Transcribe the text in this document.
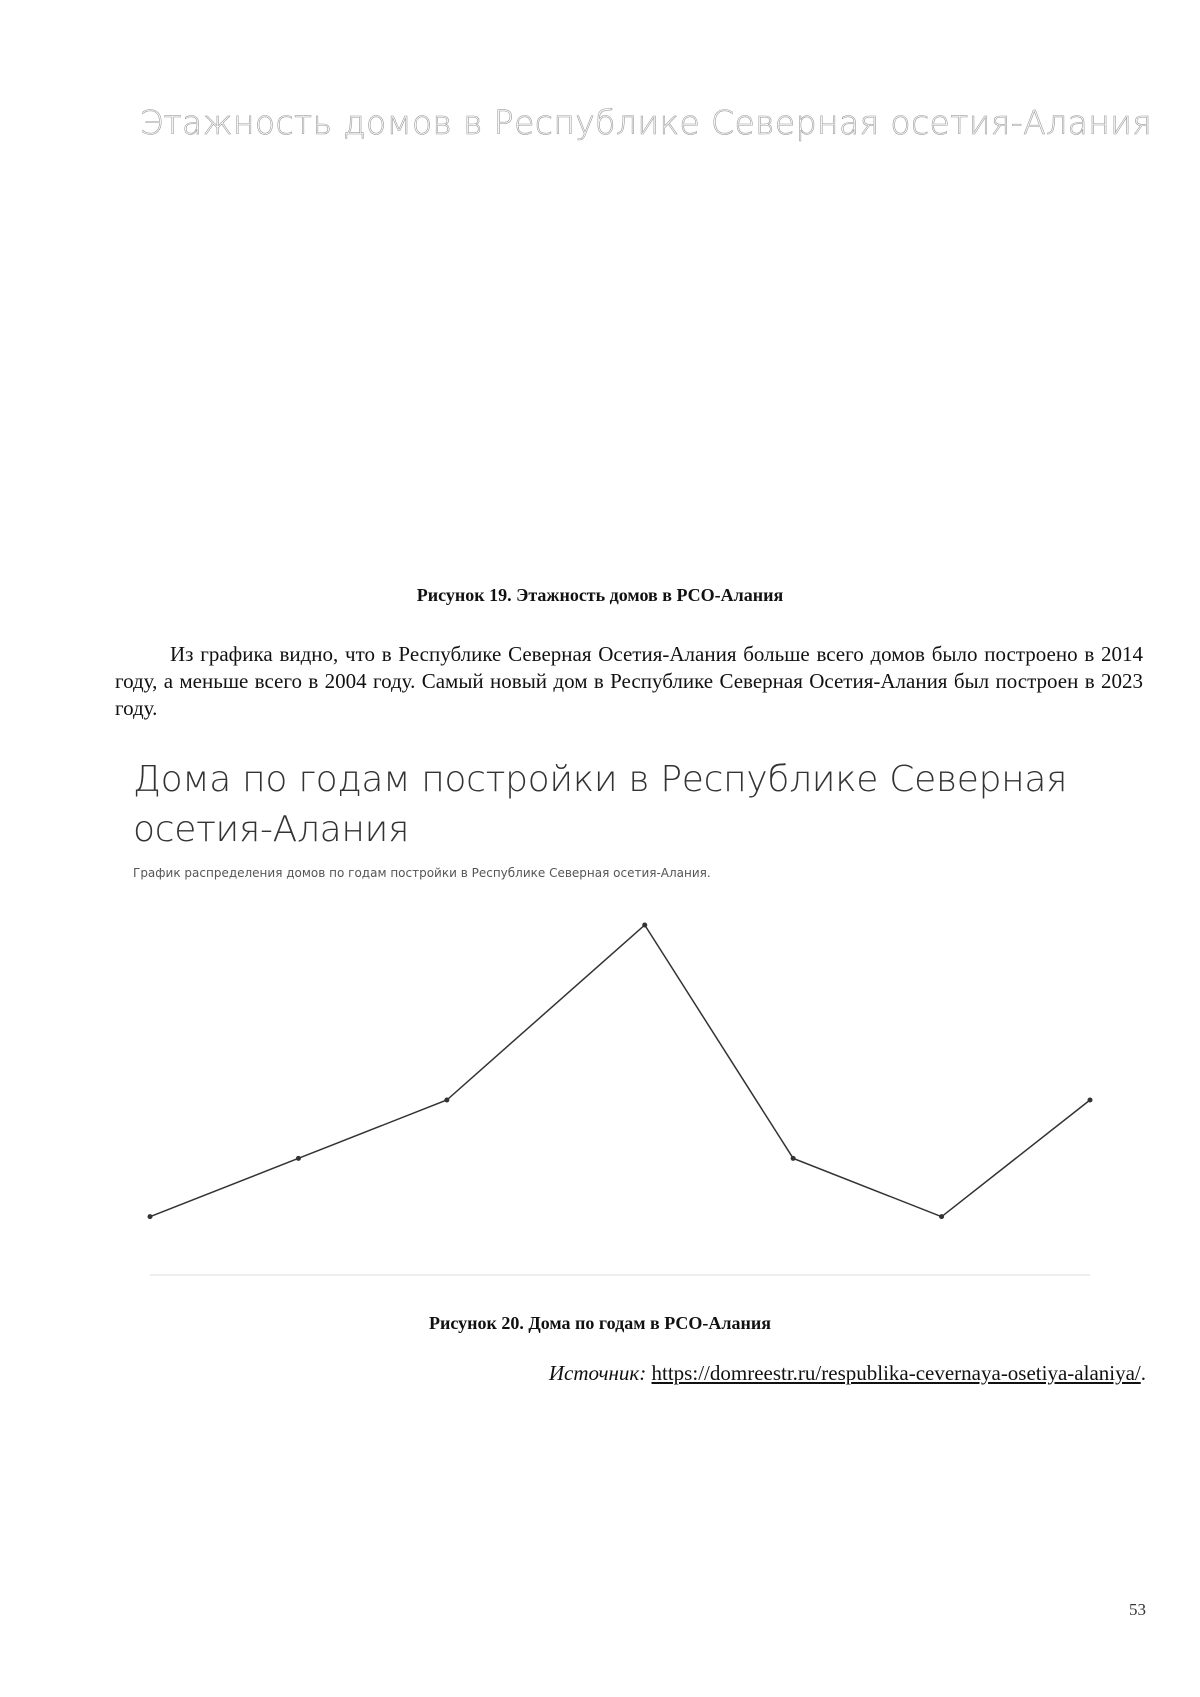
Этажность домов в Республике Северная осетия-Алания
Рисунок 19. Этажность домов в РСО-Алания

Из графика видно, что в Республике Северная Осетия-Алания больше всего домов было построено в 2014 году, а меньше всего в 2004 году. Самый новый дом в Республике Северная Осетия-Алания был построен в 2023 году.

Дома по годам постройки в Республике Северная осетия-Алания
График распределения домов по годам постройки в Республике Северная осетия-Алания.
Рисунок 20. Дома по годам в РСО-Алания
Источник: https://domreestr.ru/respublika-cevernaya-osetiya-alaniya/.
53
